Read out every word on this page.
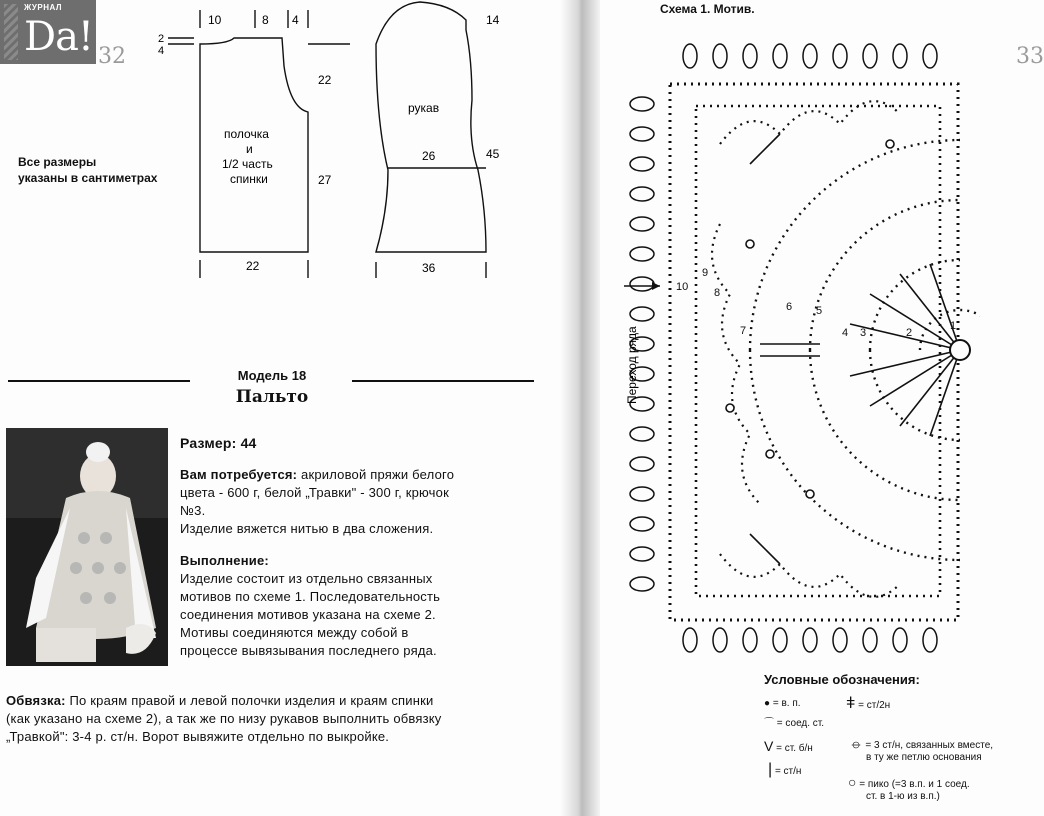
ЖУРНАЛ
Da! 32
Все размеры
указаны в сантиметрах
10	8 4
2
4
22
27
22
полочка
и
1/2 часть
спинки
14
рукав
26	45
36
Модель 18
Пальто
Размер: 44
Вам потребуется: акриловой пряжи белого
цвета - 600 г, белой „Травки" - 300 г, крючок
№3.
Изделие вяжется нитью в два сложения.
Выполнение:
Изделие состоит из отдельно связанных
мотивов по схеме 1. Последовательность
соединения мотивов указана на схеме 2.
Мотивы соединяются между собой в
процессе вывязывания последнего ряда.
Обвязка: По краям правой и левой полочки изделия и краям спинки
(как указано на схеме 2), а так же по низу рукавов выполнить обвязку
„Травкой": 3-4 р. ст/н. Ворот вывяжите отдельно по выкройке.
Схема 1. Мотив.
33
1
2
3
4
5
6
7
8
9
10
Переход ряда
Условные обозначения:
● = в. п.
⌒ = соед. ст.
V = ст. б/н
| = ст/н
ǂ = ст/2н
⦵ = 3 ст/н, связанных вместе,
в ту же петлю основания
○ = пико (=3 в.п. и 1 соед.
ст. в 1-ю из в.п.)
